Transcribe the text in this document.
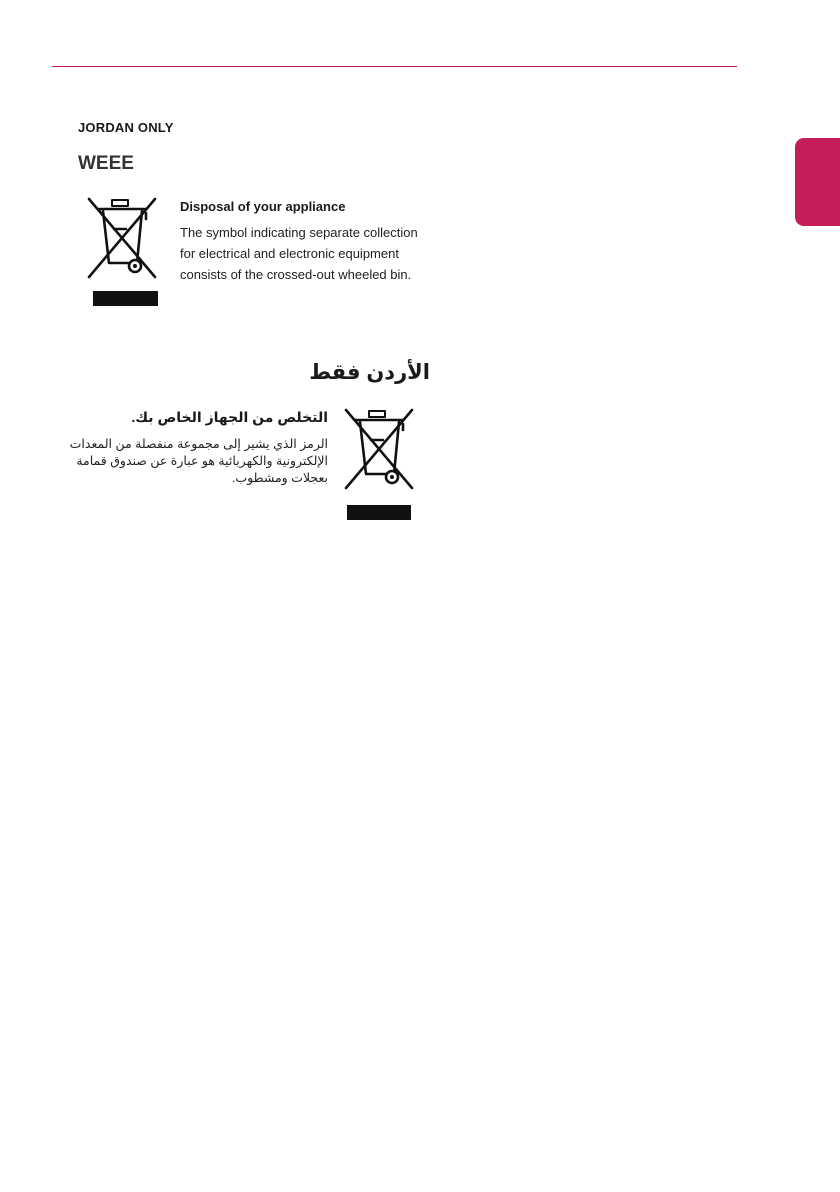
JORDAN ONLY
WEEE
Disposal of your appliance
The symbol indicating separate collection for electrical and electronic equipment consists of the crossed-out wheeled bin.
الأردن فقط
التخلص من الجهاز الخاص بك.
الرمز الذي يشير إلى مجموعة منفصلة من المعدات الإلكترونية والكهربائية هو عبارة عن صندوق قمامة بعجلات ومشطوب.
